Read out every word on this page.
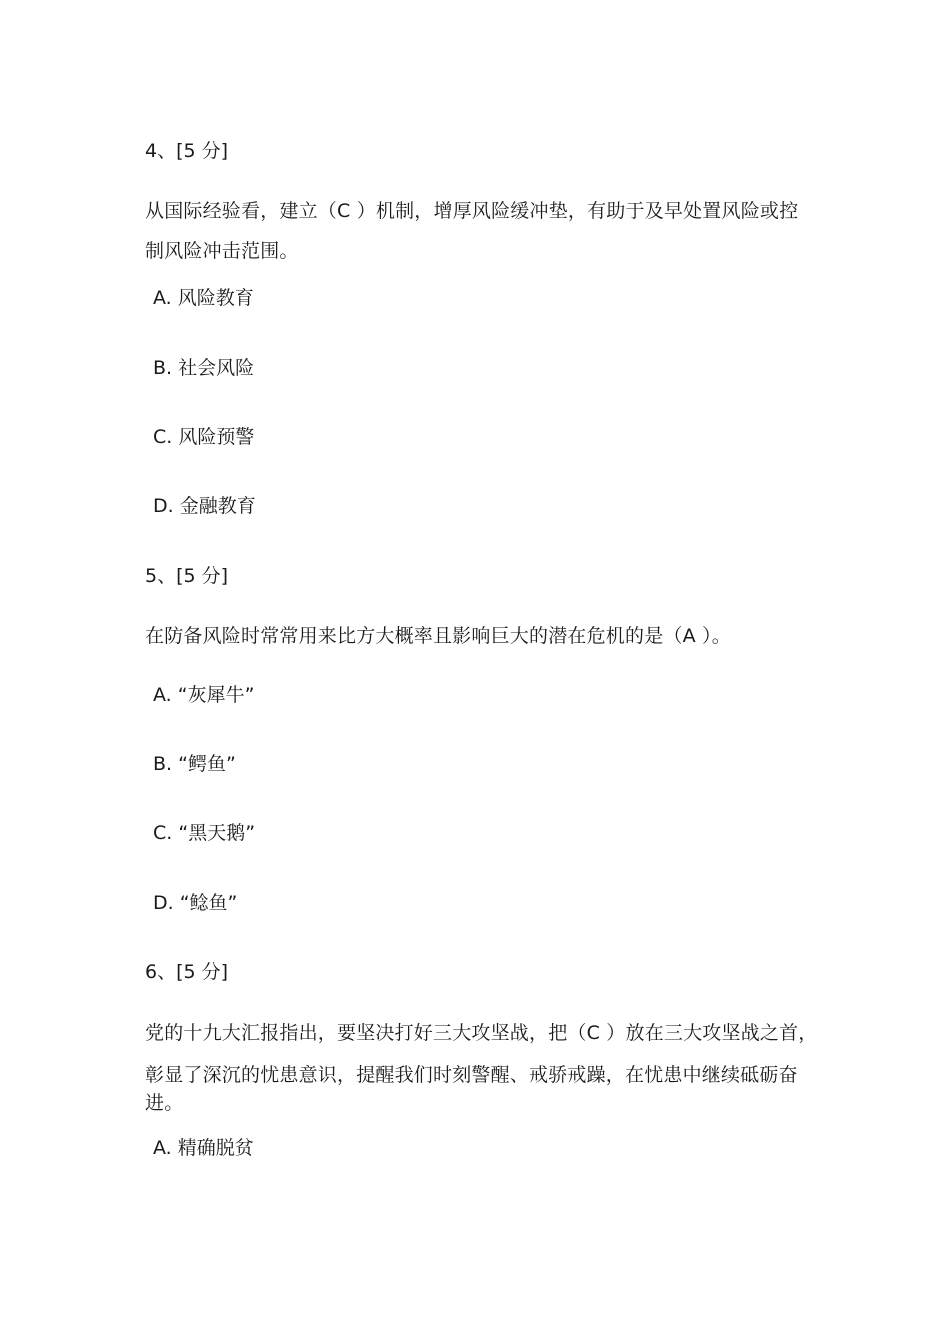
4、[5 分]
从国际经验看，建立（C ）机制，增厚风险缓冲垫，有助于及早处置风险或控
制风险冲击范围。
A. 风险教育
B. 社会风险
C. 风险预警
D. 金融教育
5、[5 分]
在防备风险时常常用来比方大概率且影响巨大的潜在危机的是（A ）。
A. “灰犀牛”
B. “鳄鱼”
C. “黑天鹅”
D. “鲶鱼”
6、[5 分]
党的十九大汇报指出，要坚决打好三大攻坚战，把（C ）放在三大攻坚战之首，
彰显了深沉的忧患意识，提醒我们时刻警醒、戒骄戒躁，在忧患中继续砥砺奋
进。
A. 精确脱贫
